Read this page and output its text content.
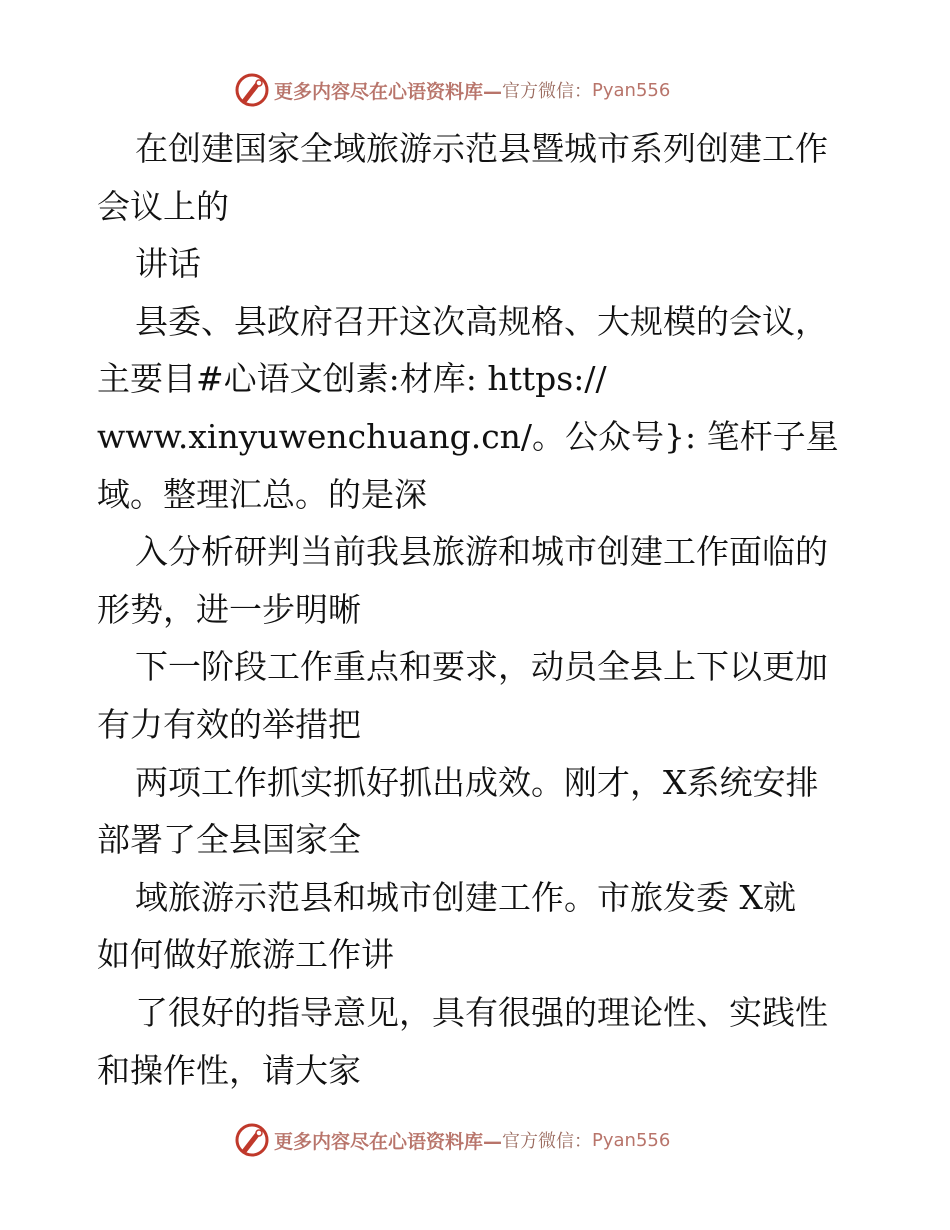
更多内容尽在心语资料库— 官方微信： Pyan556
在创建国家全域旅游示范县暨城市系列创建工作
会议上的
讲话
县委、县政府召开这次高规格、大规模的会议，
主要目#心语文创素:材库: https://
www.xinyuwenchuang.cn/。公众号}: 笔杆子星
域。整理汇总。的是深
入分析研判当前我县旅游和城市创建工作面临的
形势，进一步明晰
下一阶段工作重点和要求，动员全县上下以更加
有力有效的举措把
两项工作抓实抓好抓出成效。刚才，X系统安排
部署了全县国家全
域旅游示范县和城市创建工作。市旅发委 X就
如何做好旅游工作讲
了很好的指导意见，具有很强的理论性、实践性
和操作性，请大家
更多内容尽在心语资料库— 官方微信： Pyan556
